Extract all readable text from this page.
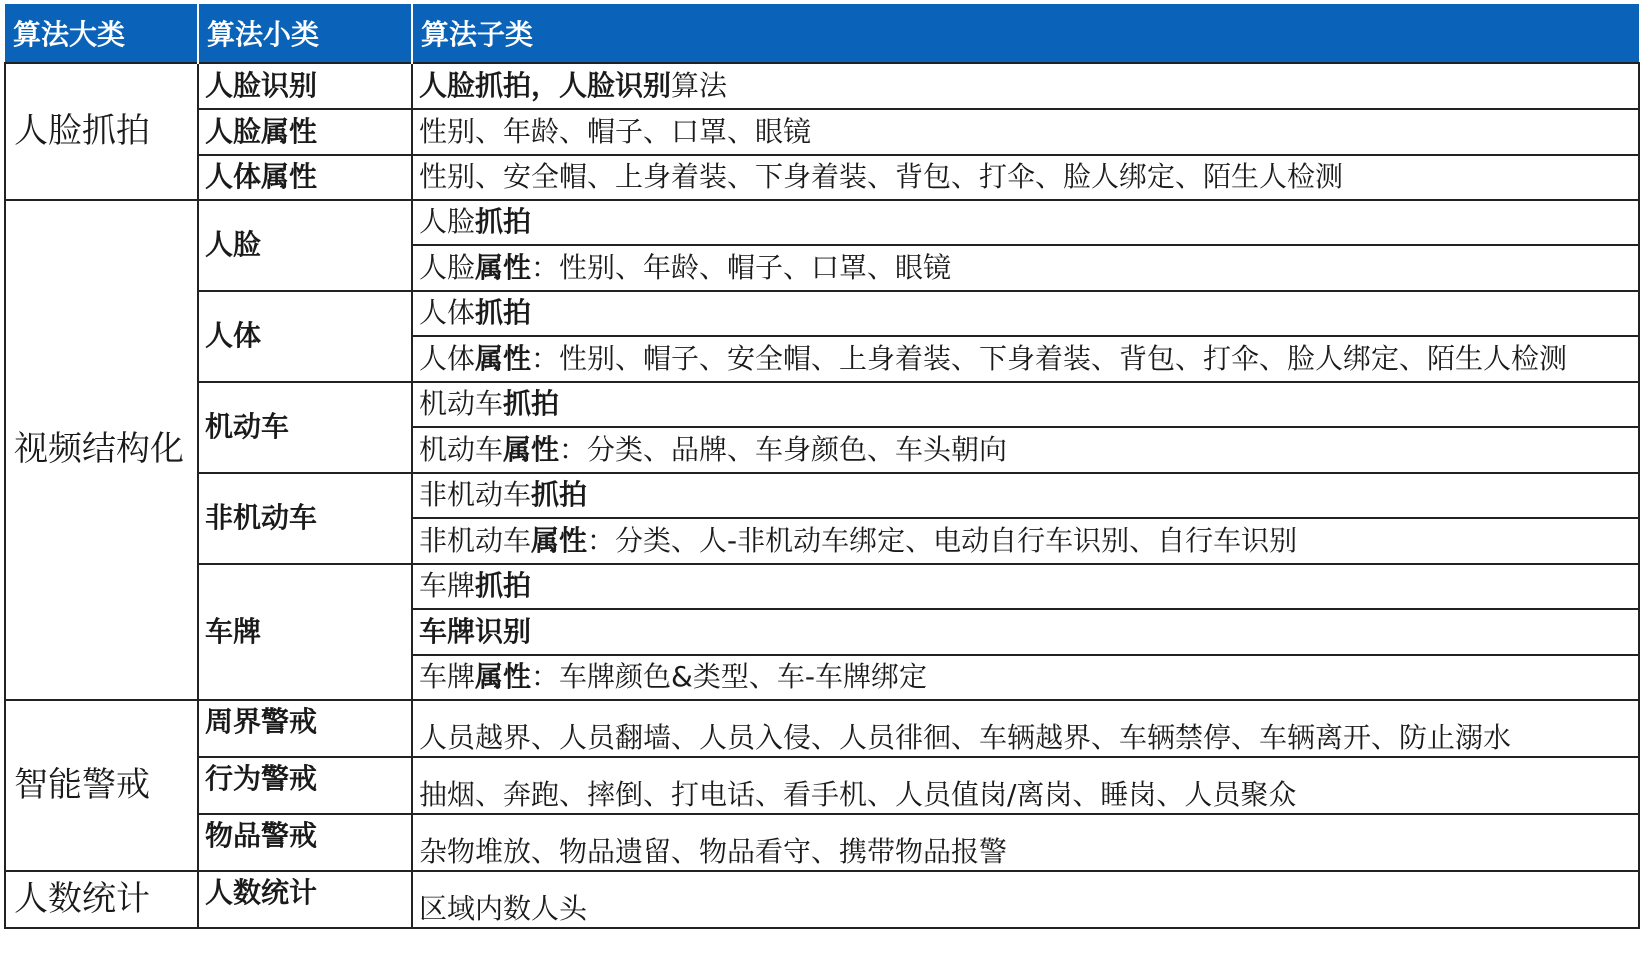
算法大类	算法小类	算法子类
人脸抓拍	人脸识别	人脸抓拍，人脸识别算法
	人脸属性	性别、年龄、帽子、口罩、眼镜
	人体属性	性别、安全帽、上身着装、下身着装、背包、打伞、脸人绑定、陌生人检测
视频结构化	人脸	人脸抓拍
		人脸属性：性别、年龄、帽子、口罩、眼镜
	人体	人体抓拍
		人体属性：性别、帽子、安全帽、上身着装、下身着装、背包、打伞、脸人绑定、陌生人检测
	机动车	机动车抓拍
		机动车属性：分类、品牌、车身颜色、车头朝向
	非机动车	非机动车抓拍
		非机动车属性：分类、人-非机动车绑定、电动自行车识别、自行车识别
	车牌	车牌抓拍
		车牌识别
		车牌属性：车牌颜色&类型、车-车牌绑定
智能警戒	周界警戒	人员越界、人员翻墙、人员入侵、人员徘徊、车辆越界、车辆禁停、车辆离开、防止溺水
	行为警戒	抽烟、奔跑、摔倒、打电话、看手机、人员值岗/离岗、睡岗、人员聚众
	物品警戒	杂物堆放、物品遗留、物品看守、携带物品报警
人数统计	人数统计	区域内数人头
